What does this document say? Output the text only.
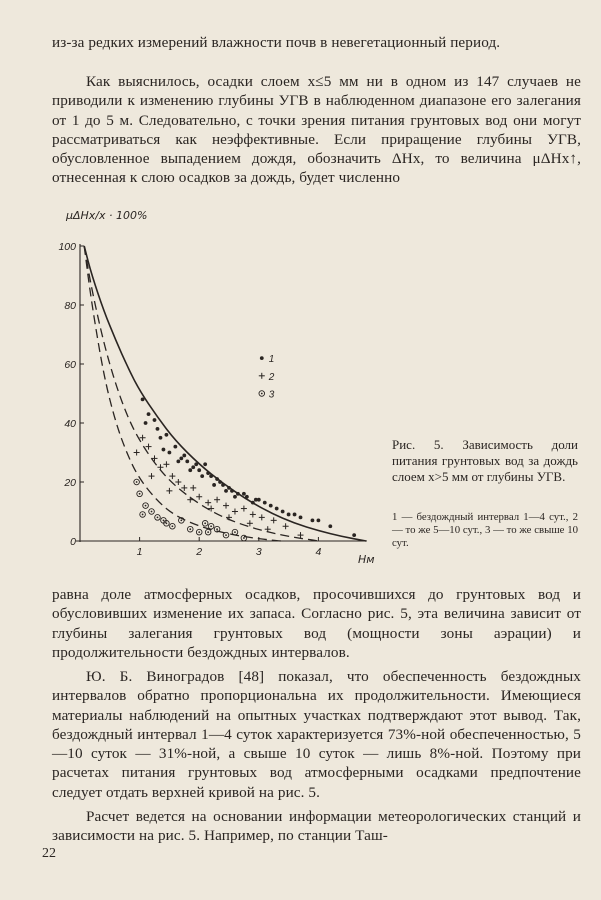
из-за редких измерений влажности почв в невегетационный период.
Как выяснилось, осадки слоем x≤5 мм ни в одном из 147 случаев не приводили к изменению глубины УГВ в наблюденном диапазоне его залегания от 1 до 5 м. Следовательно, с точки зрения питания грунтовых вод они могут рассматриваться как неэффективные. Если приращение глубины УГВ, обусловленное выпадением дождя, обозначить ΔHx, то величина μΔHx↑, отнесенная к слою осадков за дождь, будет численно
0
20
40
60
80
100
1	2	3	4
1
2
3
μΔHx/x · 100%
Нм
Рис. 5. Зависимость доли питания грунтовых вод за дождь слоем x>5 мм от глубины УГВ.
1 — бездождный интервал 1—4 сут., 2 — то же 5—10 сут., 3 — то же свыше 10 сут.
равна доле атмосферных осадков, просочившихся до грунтовых вод и обусловивших изменение их запаса. Согласно рис. 5, эта величина зависит от глубины залегания грунтовых вод (мощности зоны аэрации) и продолжительности бездождных интервалов.
Ю. Б. Виноградов [48] показал, что обеспеченность бездождных интервалов обратно пропорциональна их продолжительности. Имеющиеся материалы наблюдений на опытных участках подтверждают этот вывод. Так, бездождный интервал 1—4 суток характеризуется 73%-ной обеспеченностью, 5—10 суток — 31%-ной, а свыше 10 суток — лишь 8%-ной. Поэтому при расчетах питания грунтовых вод атмосферными осадками предпочтение следует отдать верхней кривой на рис. 5.
Расчет ведется на основании информации метеорологических станций и зависимости на рис. 5. Например, по станции Таш-
22
